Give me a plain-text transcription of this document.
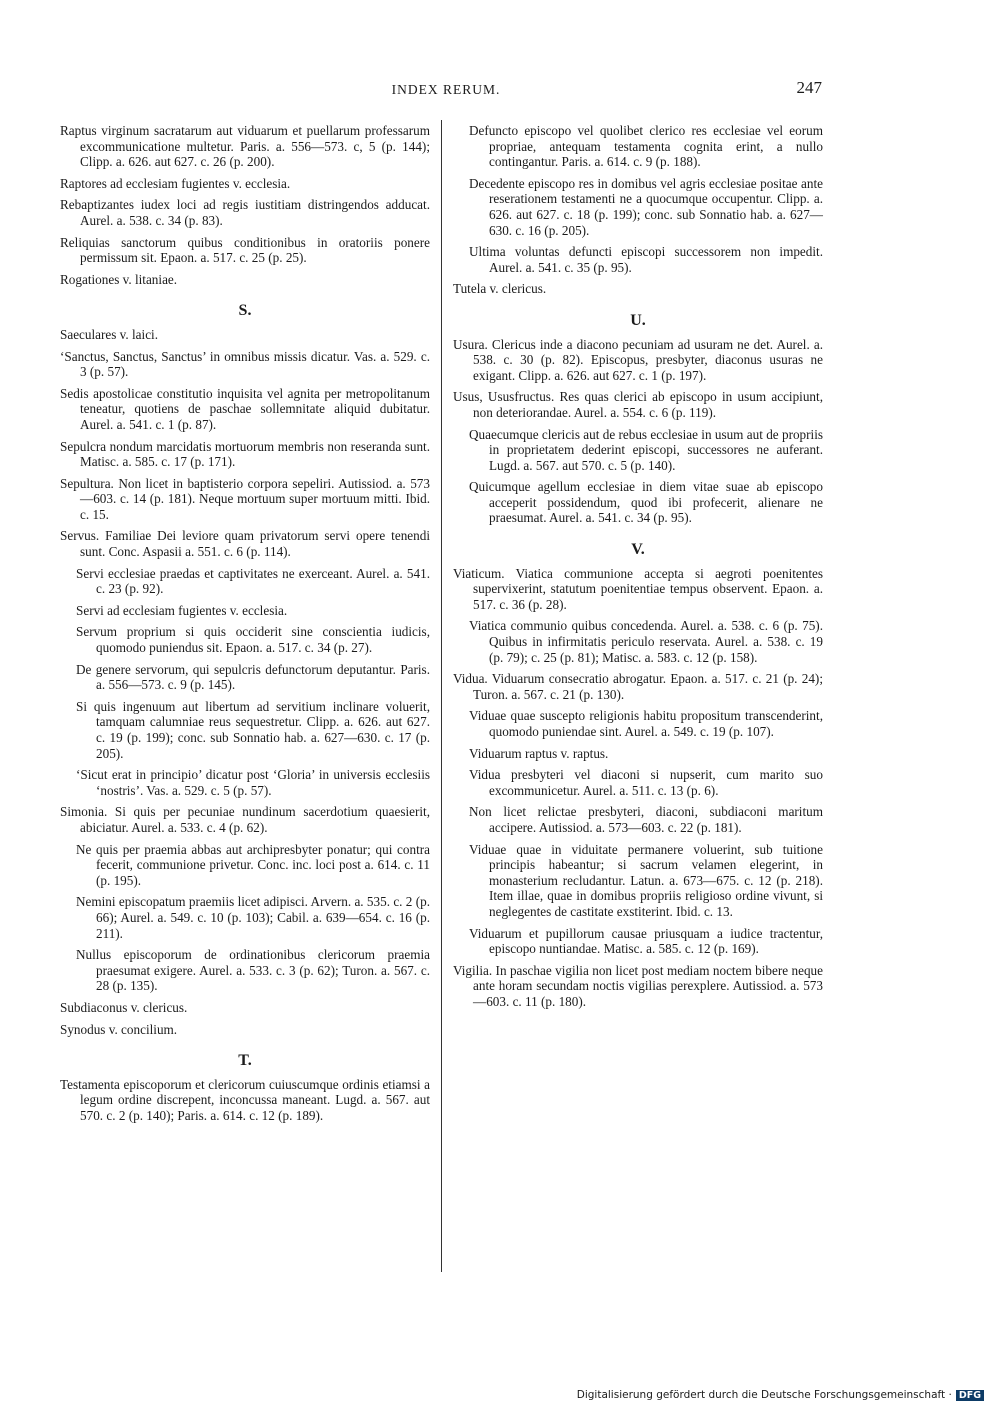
INDEX RERUM.	247
Raptus virginum sacratarum aut viduarum et puellarum professarum excommunicatione multetur. Paris. a. 556—573. c, 5 (p. 144); Clipp. a. 626. aut 627. c. 26 (p. 200).
Raptores ad ecclesiam fugientes v. ecclesia.
Rebaptizantes iudex loci ad regis iustitiam distringendos adducat. Aurel. a. 538. c. 34 (p. 83).
Reliquias sanctorum quibus conditionibus in oratoriis ponere permissum sit. Epaon. a. 517. c. 25 (p. 25).
Rogationes v. litaniae.
S.
Saeculares v. laici.
‘Sanctus, Sanctus, Sanctus’ in omnibus missis dicatur. Vas. a. 529. c. 3 (p. 57).
Sedis apostolicae constitutio inquisita vel agnita per metropolitanum teneatur, quotiens de paschae sollemnitate aliquid dubitatur. Aurel. a. 541. c. 1 (p. 87).
Sepulcra nondum marcidatis mortuorum membris non reseranda sunt. Matisc. a. 585. c. 17 (p. 171).
Sepultura. Non licet in baptisterio corpora sepeliri. Autissiod. a. 573—603. c. 14 (p. 181). Neque mortuum super mortuum mitti. Ibid. c. 15.
Servus. Familiae Dei leviore quam privatorum servi opere tenendi sunt. Conc. Aspasii a. 551. c. 6 (p. 114).
Servi ecclesiae praedas et captivitates ne exerceant. Aurel. a. 541. c. 23 (p. 92).
Servi ad ecclesiam fugientes v. ecclesia.
Servum proprium si quis occiderit sine conscientia iudicis, quomodo puniendus sit. Epaon. a. 517. c. 34 (p. 27).
De genere servorum, qui sepulcris defunctorum deputantur. Paris. a. 556—573. c. 9 (p. 145).
Si quis ingenuum aut libertum ad servitium inclinare voluerit, tamquam calumniae reus sequestretur. Clipp. a. 626. aut 627. c. 19 (p. 199); conc. sub Sonnatio hab. a. 627—630. c. 17 (p. 205).
‘Sicut erat in principio’ dicatur post ‘Gloria’ in universis ecclesiis ‘nostris’. Vas. a. 529. c. 5 (p. 57).
Simonia. Si quis per pecuniae nundinum sacerdotium quaesierit, abiciatur. Aurel. a. 533. c. 4 (p. 62).
Ne quis per praemia abbas aut archipresbyter ponatur; qui contra fecerit, communione privetur. Conc. inc. loci post a. 614. c. 11 (p. 195).
Nemini episcopatum praemiis licet adipisci. Arvern. a. 535. c. 2 (p. 66); Aurel. a. 549. c. 10 (p. 103); Cabil. a. 639—654. c. 16 (p. 211).
Nullus episcoporum de ordinationibus clericorum praemia praesumat exigere. Aurel. a. 533. c. 3 (p. 62); Turon. a. 567. c. 28 (p. 135).
Subdiaconus v. clericus.
Synodus v. concilium.
T.
Testamenta episcoporum et clericorum cuiuscumque ordinis etiamsi a legum ordine discrepent, inconcussa maneant. Lugd. a. 567. aut 570. c. 2 (p. 140); Paris. a. 614. c. 12 (p. 189).
Defuncto episcopo vel quolibet clerico res ecclesiae vel eorum propriae, antequam testamenta cognita erint, a nullo contingantur. Paris. a. 614. c. 9 (p. 188).
Decedente episcopo res in domibus vel agris ecclesiae positae ante reserationem testamenti ne a quocumque occupentur. Clipp. a. 626. aut 627. c. 18 (p. 199); conc. sub Sonnatio hab. a. 627—630. c. 16 (p. 205).
Ultima voluntas defuncti episcopi successorem non impedit. Aurel. a. 541. c. 35 (p. 95).
Tutela v. clericus.
U.
Usura. Clericus inde a diacono pecuniam ad usuram ne det. Aurel. a. 538. c. 30 (p. 82). Episcopus, presbyter, diaconus usuras ne exigant. Clipp. a. 626. aut 627. c. 1 (p. 197).
Usus, Ususfructus. Res quas clerici ab episcopo in usum accipiunt, non deteriorandae. Aurel. a. 554. c. 6 (p. 119).
Quaecumque clericis aut de rebus ecclesiae in usum aut de propriis in proprietatem dederint episcopi, successores ne auferant. Lugd. a. 567. aut 570. c. 5 (p. 140).
Quicumque agellum ecclesiae in diem vitae suae ab episcopo acceperit possidendum, quod ibi profecerit, alienare ne praesumat. Aurel. a. 541. c. 34 (p. 95).
V.
Viaticum. Viatica communione accepta si aegroti poenitentes supervixerint, statutum poenitentiae tempus observent. Epaon. a. 517. c. 36 (p. 28).
Viatica communio quibus concedenda. Aurel. a. 538. c. 6 (p. 75). Quibus in infirmitatis periculo reservata. Aurel. a. 538. c. 19 (p. 79); c. 25 (p. 81); Matisc. a. 583. c. 12 (p. 158).
Vidua. Viduarum consecratio abrogatur. Epaon. a. 517. c. 21 (p. 24); Turon. a. 567. c. 21 (p. 130).
Viduae quae suscepto religionis habitu propositum transcenderint, quomodo puniendae sint. Aurel. a. 549. c. 19 (p. 107).
Viduarum raptus v. raptus.
Vidua presbyteri vel diaconi si nupserit, cum marito suo excommunicetur. Aurel. a. 511. c. 13 (p. 6).
Non licet relictae presbyteri, diaconi, subdiaconi maritum accipere. Autissiod. a. 573—603. c. 22 (p. 181).
Viduae quae in viduitate permanere voluerint, sub tuitione principis habeantur; si sacrum velamen elegerint, in monasterium recludantur. Latun. a. 673—675. c. 12 (p. 218). Item illae, quae in domibus propriis religioso ordine vivunt, si neglegentes de castitate exstiterint. Ibid. c. 13.
Viduarum et pupillorum causae priusquam a iudice tractentur, episcopo nuntiandae. Matisc. a. 585. c. 12 (p. 169).
Vigilia. In paschae vigilia non licet post mediam noctem bibere neque ante horam secundam noctis vigilias perexplere. Autissiod. a. 573—603. c. 11 (p. 180).
Digitalisierung gefördert durch die Deutsche Forschungsgemeinschaft · DFG
